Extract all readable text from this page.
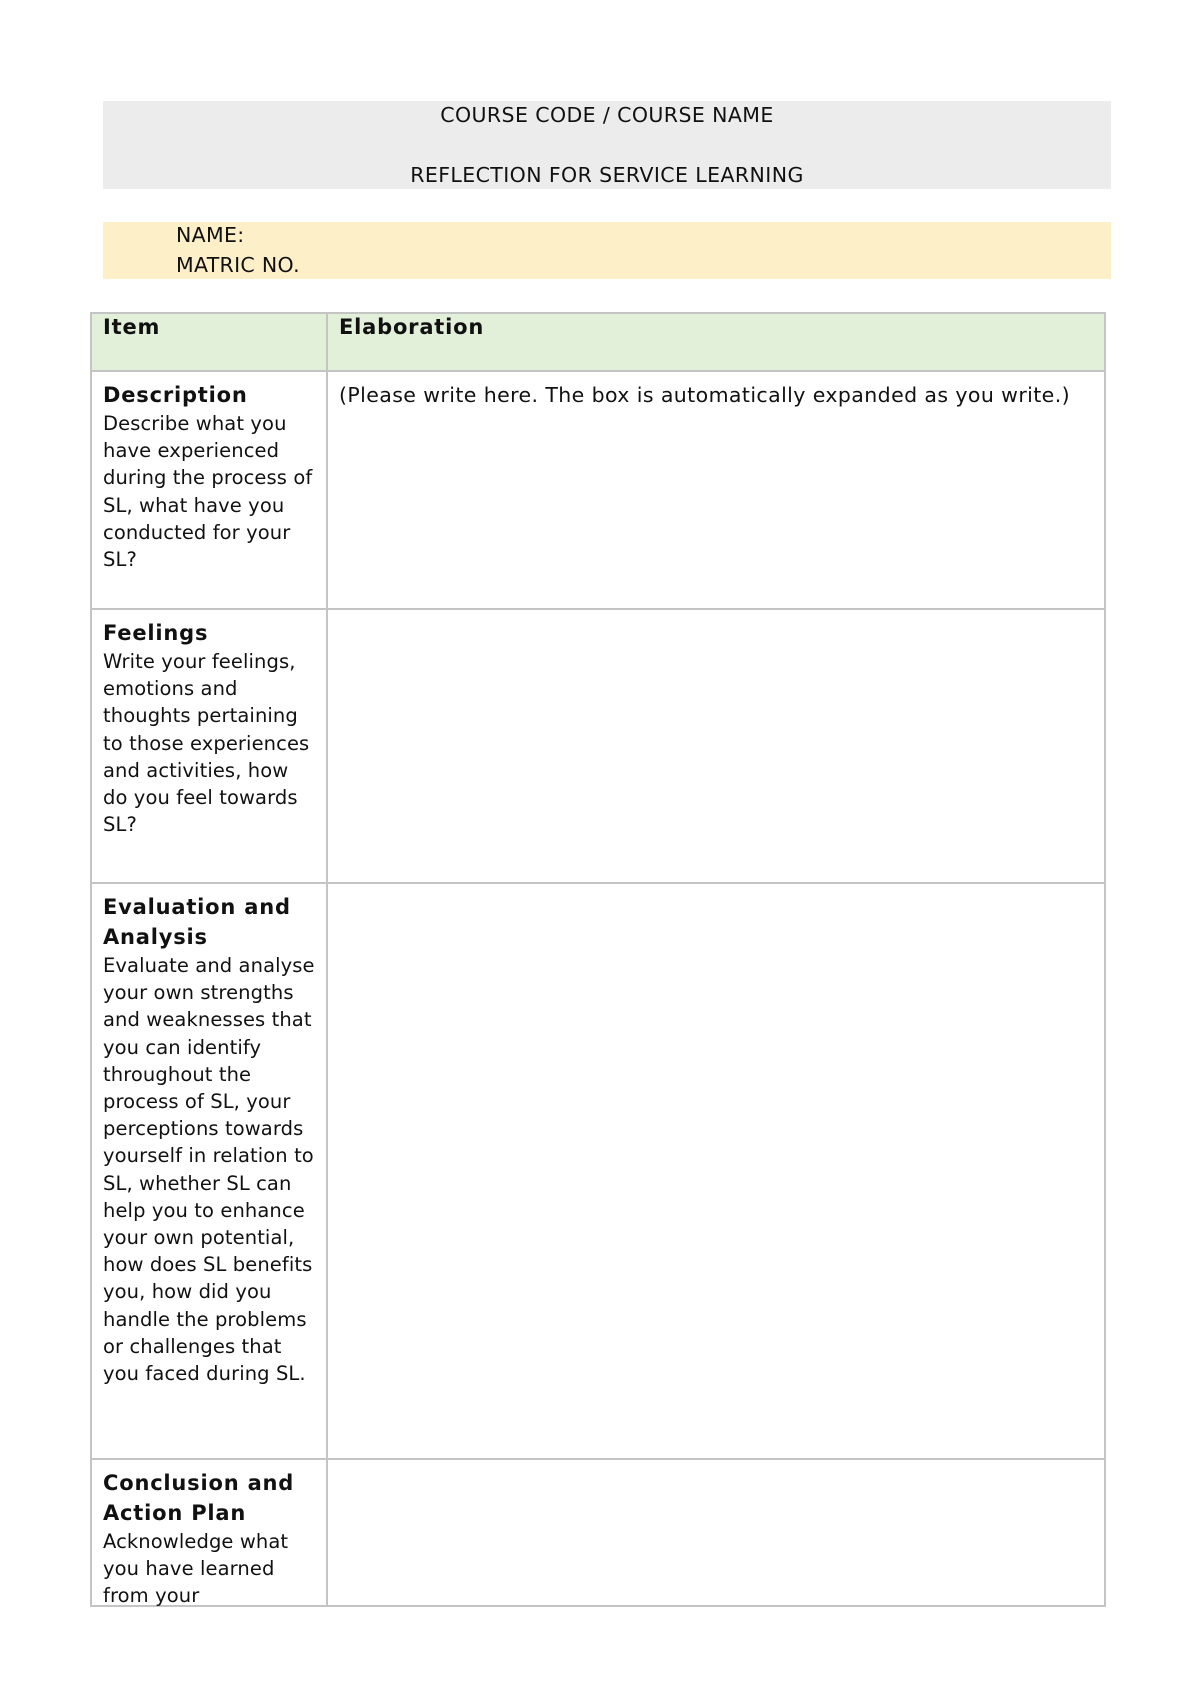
COURSE CODE / COURSE NAME
REFLECTION FOR SERVICE LEARNING
NAME:
MATRIC NO.
Item	Elaboration
Description
Describe what you have experienced during the process of SL, what have you conducted for your SL?
(Please write here. The box is automatically expanded as you write.)
Feelings
Write your feelings, emotions and thoughts pertaining to those experiences and activities, how do you feel towards SL?
Evaluation and Analysis
Evaluate and analyse your own strengths and weaknesses that you can identify throughout the process of SL, your perceptions towards yourself in relation to SL, whether SL can help you to enhance your own potential, how does SL benefits you, how did you handle the problems or challenges that you faced during SL.
Conclusion and Action Plan
Acknowledge what you have learned from your
